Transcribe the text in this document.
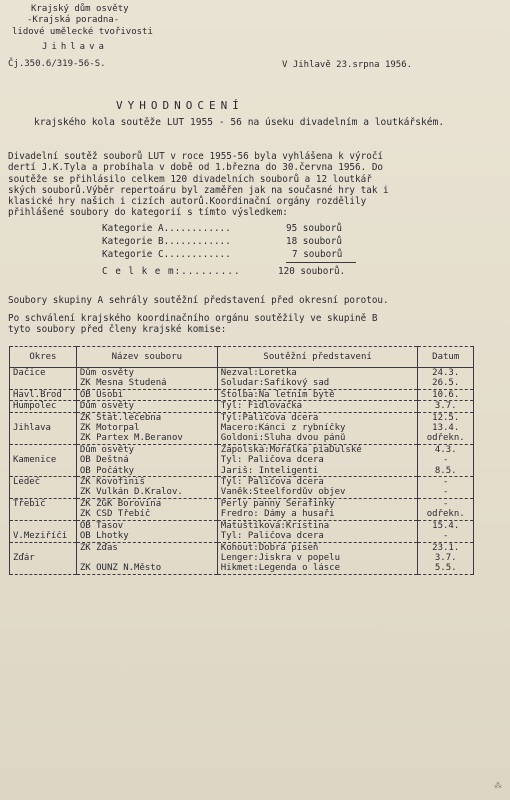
Krajský dům osvěty
-Krajská poradna-
lidové umělecké tvořivosti
Jihlava
Čj.350.6/319-56-S.	V Jihlavě 23.srpna 1956.
VYHODNOCENÍ
krajského kola soutěže LUT 1955 - 56 na úseku divadelním a loutkářském.
Divadelní soutěž souborů LUT v roce 1955-56 byla vyhlášena k výročí
dertí J.K.Tyla a probíhala v době od 1.března do 30.června 1956. Do
soutěže se přihlásilo celkem 120 divadelních souborů a 12 loutkář
ských souborů.Výběr repertoáru byl zaměřen jak na současné hry tak i
klasické hry našich i cizích autorů.Koordinační orgány rozdělily
přihlášené soubory do kategorií s tímto výsledkem:
Kategorie A............	95 souborů
Kategorie B............	18 souborů
Kategorie C............	7 souborů
C e l k e m:.........	120 souborů.
Soubory skupiny A sehrály soutěžní představení před okresní porotou.
Po schválení krajského koordinačního orgánu soutěžily ve skupině B
tyto soubory před členy krajské komise:
Okres	Název souboru	Soutěžní představení	Datum
Dačice	Dům osvěty	Nezval:Loretka	24.3.
	ZK Mesna Studená	Soludar:Šafíkový sad	26.5.
Havl.Brod	OB Úsobí	Štolba:Na letním bytě	10.6.
Humpolec	Dům osvěty	Tyl: Fidlovačka	3.7.
	ZK Stát.léčebna	Tyl:Paličova dcera	12.5.
Jihlava	ZK Motorpal	Macero:Kánci z rybníčky	13.4.
	ZK Partex M.Beranov	Goldoni:Sluha dvou pánů	odřekn.
	Dům osvěty	Zápolská:Morálka píaDulské	4.3.
Kamenice	OB Deštná	Tyl: Paličova dcera	-
	OB Počátky	Jariš: Inteligenti	8.5.
Ledeč	ZK Kovofiniš	Tyl: Paličova dcera	-
	ZK Vulkán D.Kralov.	Vaněk:Steelfordův objev	-
Třebíč	ZK ZGK Borovina	Perly panny Serafinky	-
	ZK ČSD Třebíč	Fredro: Dámy a husaři	odřekn.
	OB Tasov	Matuštíková:Kristina	15.4.
V.Meziříčí	OB Lhotky	Tyl: Paličova dcera	-
	ZK Žďas	Kohout:Dobrá píseň	23.1.
Žďár		Lenger:Jiskra v popelu	3.7.
	ZK OÚNZ N.Město	Hikmet:Legenda o lásce	5.5.
⁂
